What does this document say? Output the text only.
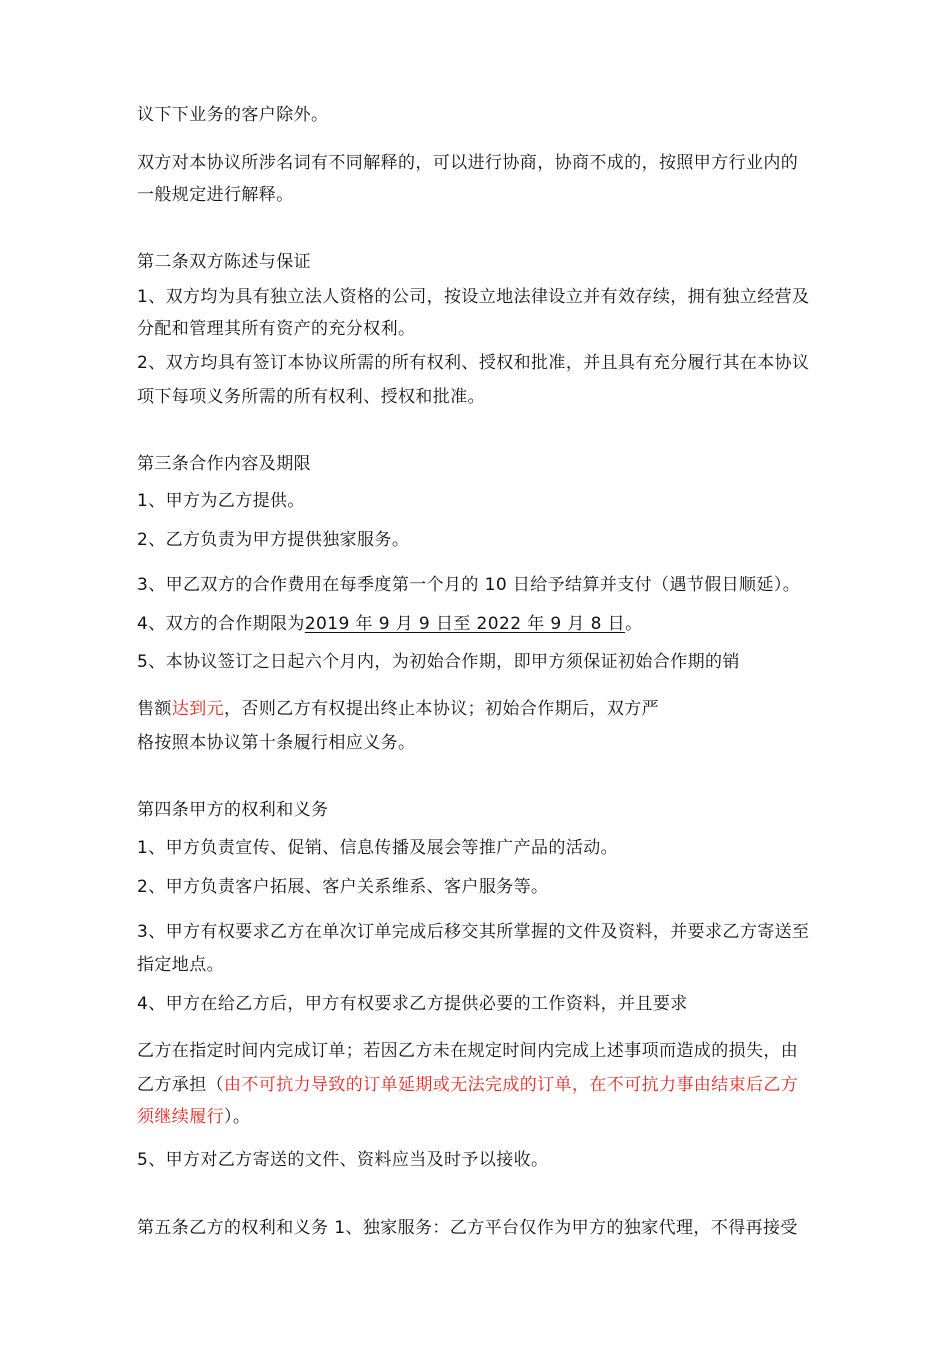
议下下业务的客户除外。

双方对本协议所涉名词有不同解释的，可以进行协商，协商不成的，按照甲方行业内的

一般规定进行解释。

第二条双方陈述与保证

1、双方均为具有独立法人资格的公司，按设立地法律设立并有效存续，拥有独立经营及

分配和管理其所有资产的充分权利。

2、双方均具有签订本协议所需的所有权利、授权和批准，并且具有充分履行其在本协议

项下每项义务所需的所有权利、授权和批准。

第三条合作内容及期限

1、甲方为乙方提供。

2、乙方负责为甲方提供独家服务。

3、甲乙双方的合作费用在每季度第一个月的 10 日给予结算并支付（遇节假日顺延）。

4、双方的合作期限为2019 年 9 月 9 日至 2022 年 9 月 8 日。

5、本协议签订之日起六个月内，为初始合作期，即甲方须保证初始合作期的销

售额达到元，否则乙方有权提出终止本协议；初始合作期后，双方严

格按照本协议第十条履行相应义务。

第四条甲方的权利和义务

1、甲方负责宣传、促销、信息传播及展会等推广产品的活动。

2、甲方负责客户拓展、客户关系维系、客户服务等。

3、甲方有权要求乙方在单次订单完成后移交其所掌握的文件及资料，并要求乙方寄送至

指定地点。

4、甲方在给乙方后，甲方有权要求乙方提供必要的工作资料，并且要求

乙方在指定时间内完成订单；若因乙方未在规定时间内完成上述事项而造成的损失，由

乙方承担（由不可抗力导致的订单延期或无法完成的订单，在不可抗力事由结束后乙方

须继续履行）。

5、甲方对乙方寄送的文件、资料应当及时予以接收。

第五条乙方的权利和义务 1、独家服务：乙方平台仅作为甲方的独家代理，不得再接受
